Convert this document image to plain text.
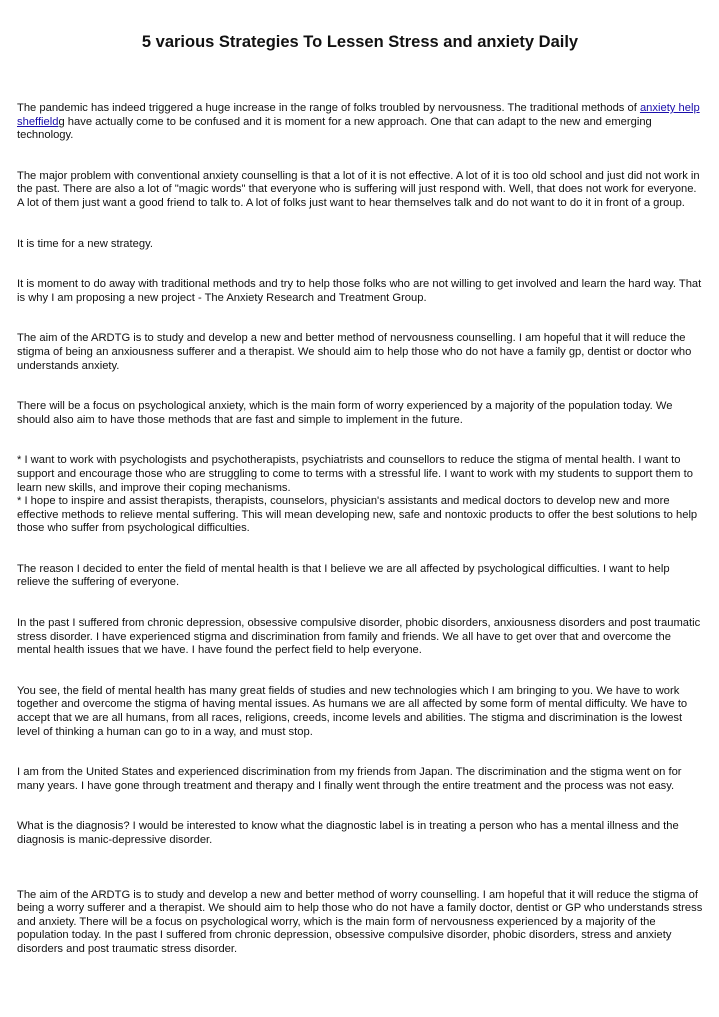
5 various Strategies To Lessen Stress and anxiety Daily

The pandemic has indeed triggered a huge increase in the range of folks troubled by nervousness. The traditional methods of anxiety help sheffieldg have actually come to be confused and it is moment for a new approach. One that can adapt to the new and emerging technology.

The major problem with conventional anxiety counselling is that a lot of it is not effective. A lot of it is too old school and just did not work in the past. There are also a lot of "magic words" that everyone who is suffering will just respond with. Well, that does not work for everyone. A lot of them just want a good friend to talk to. A lot of folks just want to hear themselves talk and do not want to do it in front of a group.

It is time for a new strategy.

It is moment to do away with traditional methods and try to help those folks who are not willing to get involved and learn the hard way. That is why I am proposing a new project - The Anxiety Research and Treatment Group.

The aim of the ARDTG is to study and develop a new and better method of nervousness counselling. I am hopeful that it will reduce the stigma of being an anxiousness sufferer and a therapist. We should aim to help those who do not have a family gp, dentist or doctor who understands anxiety.

There will be a focus on psychological anxiety, which is the main form of worry experienced by a majority of the population today. We should also aim to have those methods that are fast and simple to implement in the future.

* I want to work with psychologists and psychotherapists, psychiatrists and counsellors to reduce the stigma of mental health. I want to support and encourage those who are struggling to come to terms with a stressful life. I want to work with my students to support them to learn new skills, and improve their coping mechanisms.

* I hope to inspire and assist therapists, therapists, counselors, physician's assistants and medical doctors to develop new and more effective methods to relieve mental suffering. This will mean developing new, safe and nontoxic products to offer the best solutions to help those who suffer from psychological difficulties.

The reason I decided to enter the field of mental health is that I believe we are all affected by psychological difficulties. I want to help relieve the suffering of everyone.

In the past I suffered from chronic depression, obsessive compulsive disorder, phobic disorders, anxiousness disorders and post traumatic stress disorder. I have experienced stigma and discrimination from family and friends. We all have to get over that and overcome the mental health issues that we have. I have found the perfect field to help everyone.

You see, the field of mental health has many great fields of studies and new technologies which I am bringing to you. We have to work together and overcome the stigma of having mental issues. As humans we are all affected by some form of mental difficulty. We have to accept that we are all humans, from all races, religions, creeds, income levels and abilities. The stigma and discrimination is the lowest level of thinking a human can go to in a way, and must stop.

I am from the United States and experienced discrimination from my friends from Japan. The discrimination and the stigma went on for many years. I have gone through treatment and therapy and I finally went through the entire treatment and the process was not easy.

What is the diagnosis? I would be interested to know what the diagnostic label is in treating a person who has a mental illness and the diagnosis is manic-depressive disorder.

The aim of the ARDTG is to study and develop a new and better method of worry counselling. I am hopeful that it will reduce the stigma of being a worry sufferer and a therapist. We should aim to help those who do not have a family doctor, dentist or GP who understands stress and anxiety. There will be a focus on psychological worry, which is the main form of nervousness experienced by a majority of the population today. In the past I suffered from chronic depression, obsessive compulsive disorder, phobic disorders, stress and anxiety disorders and post traumatic stress disorder.
